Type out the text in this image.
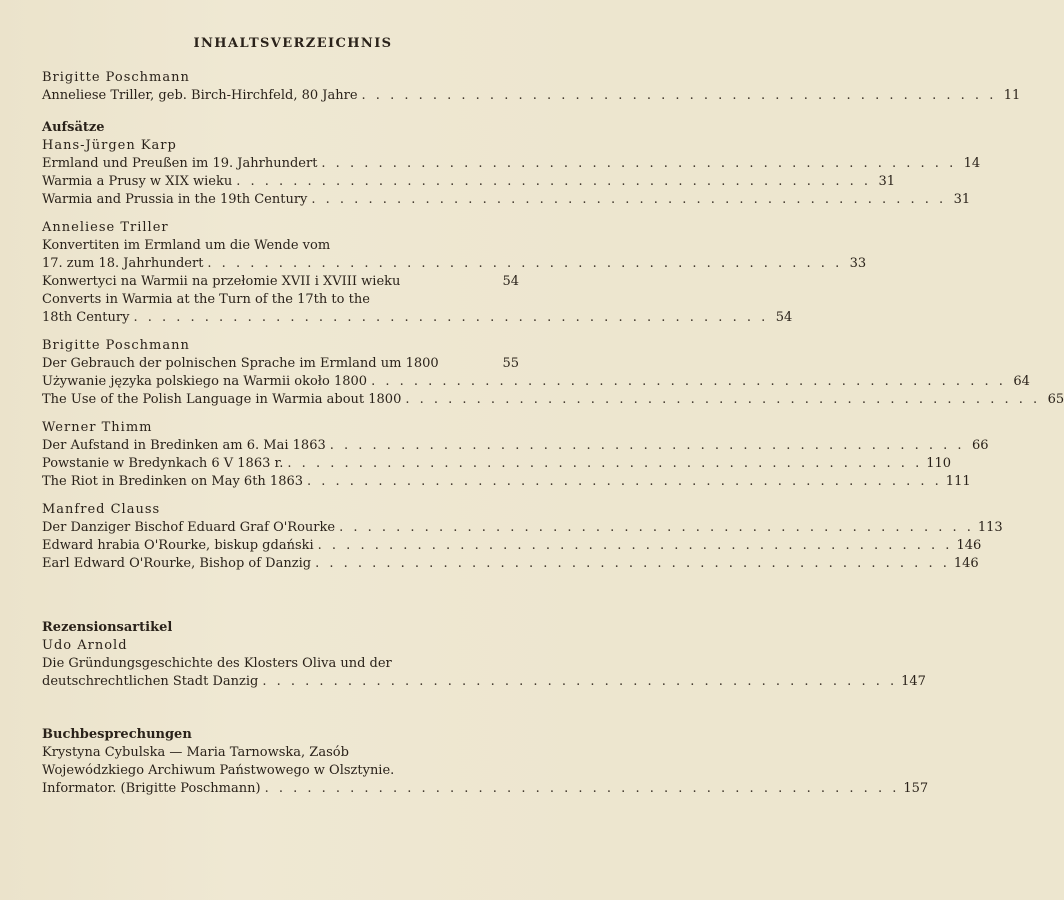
INHALTSVERZEICHNIS
Brigitte Poschmann
Anneliese Triller, geb. Birch-Hirchfeld, 80 Jahre . . . . . . . . . . . . . . . . . . . . . . . . . . . . . . . . . . . . . . . . . . . . . 11
Aufsätze
Hans-Jürgen Karp
Ermland und Preußen im 19. Jahrhundert . . . . . . . . . . . . . . . . . . . . . . . . . . . . . . . . . . . . . . . . . . . . . 14
Warmia a Prusy w XIX wieku . . . . . . . . . . . . . . . . . . . . . . . . . . . . . . . . . . . . . . . . . . . . . 31
Warmia and Prussia in the 19th Century . . . . . . . . . . . . . . . . . . . . . . . . . . . . . . . . . . . . . . . . . . . . . 31
Anneliese Triller
Konvertiten im Ermland um die Wende vom
17. zum 18. Jahrhundert . . . . . . . . . . . . . . . . . . . . . . . . . . . . . . . . . . . . . . . . . . . . . 33
Konwertyci na Warmii na przełomie XVII i XVIII wieku	54
Converts in Warmia at the Turn of the 17th to the
18th Century . . . . . . . . . . . . . . . . . . . . . . . . . . . . . . . . . . . . . . . . . . . . . 54
Brigitte Poschmann
Der Gebrauch der polnischen Sprache im Ermland um 1800	55
Używanie języka polskiego na Warmii około 1800 . . . . . . . . . . . . . . . . . . . . . . . . . . . . . . . . . . . . . . . . . . . . . 64
The Use of the Polish Language in Warmia about 1800 . . . . . . . . . . . . . . . . . . . . . . . . . . . . . . . . . . . . . . . . . . . . . 65
Werner Thimm
Der Aufstand in Bredinken am 6. Mai 1863 . . . . . . . . . . . . . . . . . . . . . . . . . . . . . . . . . . . . . . . . . . . . . 66
Powstanie w Bredynkach 6 V 1863 r. . . . . . . . . . . . . . . . . . . . . . . . . . . . . . . . . . . . . . . . . . . . . . 110
The Riot in Bredinken on May 6th 1863 . . . . . . . . . . . . . . . . . . . . . . . . . . . . . . . . . . . . . . . . . . . . . 111
Manfred Clauss
Der Danziger Bischof Eduard Graf O'Rourke . . . . . . . . . . . . . . . . . . . . . . . . . . . . . . . . . . . . . . . . . . . . . 113
Edward hrabia O'Rourke, biskup gdański . . . . . . . . . . . . . . . . . . . . . . . . . . . . . . . . . . . . . . . . . . . . . 146
Earl Edward O'Rourke, Bishop of Danzig . . . . . . . . . . . . . . . . . . . . . . . . . . . . . . . . . . . . . . . . . . . . . 146
Rezensionsartikel
Udo Arnold
Die Gründungsgeschichte des Klosters Oliva und der
deutschrechtlichen Stadt Danzig . . . . . . . . . . . . . . . . . . . . . . . . . . . . . . . . . . . . . . . . . . . . . 147
Buchbesprechungen
Krystyna Cybulska — Maria Tarnowska, Zasób
Wojewódzkiego Archiwum Państwowego w Olsztynie.
Informator. (Brigitte Poschmann) . . . . . . . . . . . . . . . . . . . . . . . . . . . . . . . . . . . . . . . . . . . . . 157
